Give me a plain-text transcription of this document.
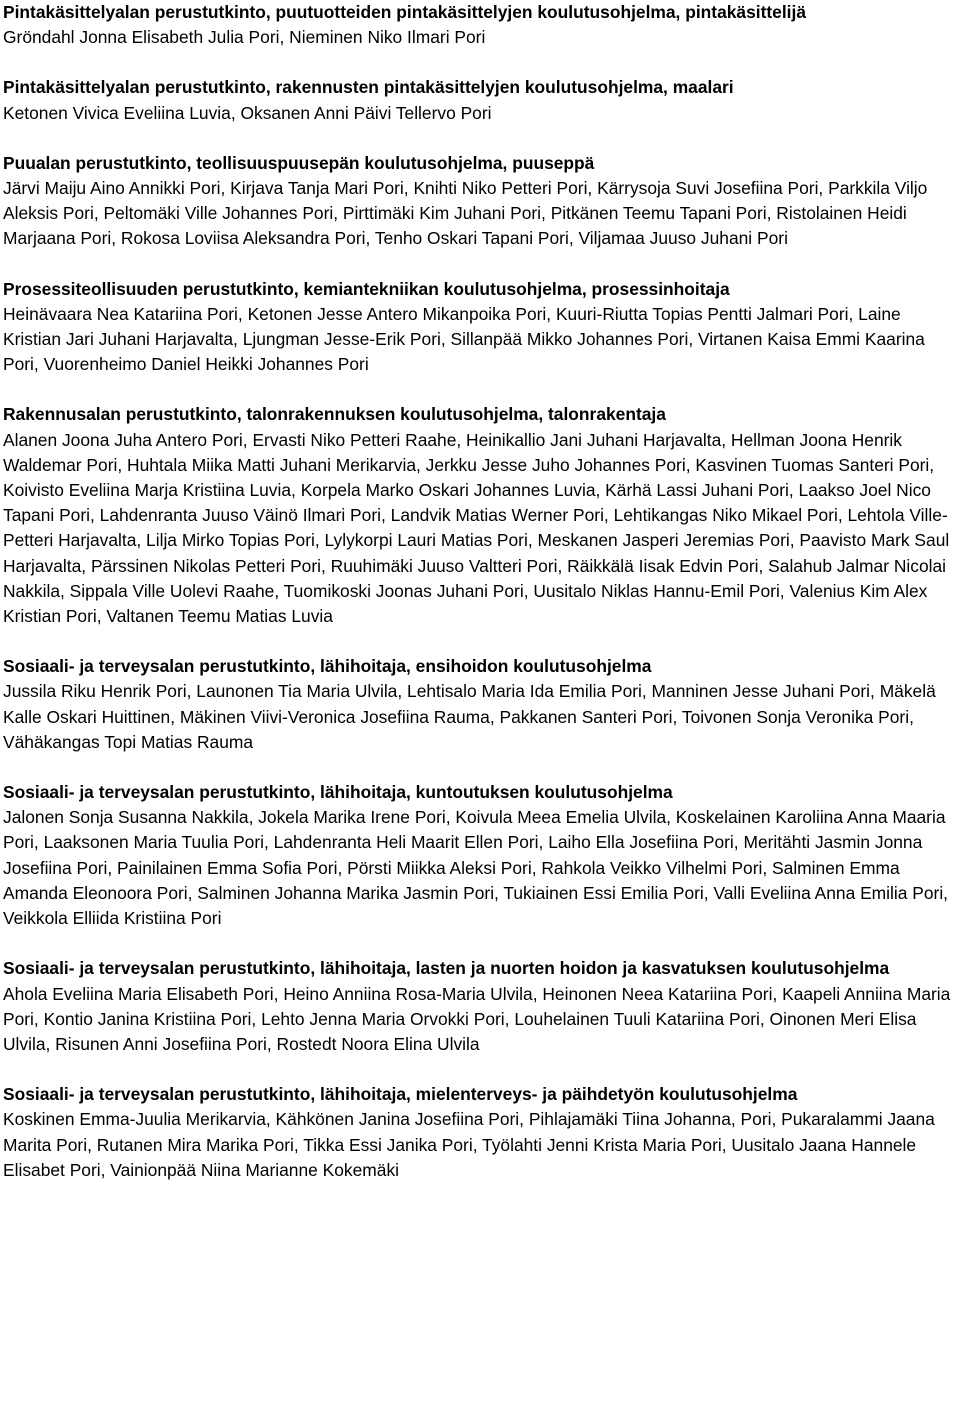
Pintakäsittelyalan perustutkinto, puutuotteiden pintakäsittelyjen koulutusohjelma, pintakäsittelijä
Gröndahl Jonna Elisabeth Julia Pori, Nieminen Niko Ilmari Pori
Pintakäsittelyalan perustutkinto, rakennusten pintakäsittelyjen koulutusohjelma, maalari
Ketonen Vivica Eveliina Luvia, Oksanen Anni Päivi Tellervo Pori
Puualan perustutkinto, teollisuuspuusepän koulutusohjelma, puuseppä
Järvi Maiju Aino Annikki Pori, Kirjava Tanja Mari Pori, Knihti Niko Petteri Pori, Kärrysoja Suvi Josefiina Pori, Parkkila Viljo Aleksis Pori, Peltomäki Ville Johannes Pori, Pirttimäki Kim Juhani Pori, Pitkänen Teemu Tapani Pori, Ristolainen Heidi Marjaana Pori, Rokosa Loviisa Aleksandra Pori, Tenho Oskari Tapani Pori, Viljamaa Juuso Juhani Pori
Prosessiteollisuuden perustutkinto, kemiantekniikan koulutusohjelma, prosessinhoitaja
Heinävaara Nea Katariina Pori, Ketonen Jesse Antero Mikanpoika Pori, Kuuri-Riutta Topias Pentti Jalmari Pori, Laine Kristian Jari Juhani Harjavalta, Ljungman Jesse-Erik Pori, Sillanpää Mikko Johannes Pori, Virtanen Kaisa Emmi Kaarina Pori, Vuorenheimo Daniel Heikki Johannes Pori
Rakennusalan perustutkinto, talonrakennuksen koulutusohjelma, talonrakentaja
Alanen Joona Juha Antero Pori, Ervasti Niko Petteri Raahe, Heinikallio Jani Juhani Harjavalta, Hellman Joona Henrik Waldemar Pori, Huhtala Miika Matti Juhani Merikarvia, Jerkku Jesse Juho Johannes Pori, Kasvinen Tuomas Santeri Pori, Koivisto Eveliina Marja Kristiina Luvia, Korpela Marko Oskari Johannes Luvia, Kärhä Lassi Juhani Pori, Laakso Joel Nico Tapani Pori, Lahdenranta Juuso Väinö Ilmari Pori, Landvik Matias Werner Pori, Lehtikangas Niko Mikael Pori, Lehtola Ville-Petteri Harjavalta, Lilja Mirko Topias Pori, Lylykorpi Lauri Matias Pori, Meskanen Jasperi Jeremias Pori, Paavisto Mark Saul Harjavalta, Pärssinen Nikolas Petteri Pori, Ruuhimäki Juuso Valtteri Pori, Räikkälä Iisak Edvin Pori, Salahub Jalmar Nicolai Nakkila, Sippala Ville Uolevi Raahe, Tuomikoski Joonas Juhani Pori, Uusitalo Niklas Hannu-Emil Pori, Valenius Kim Alex Kristian Pori, Valtanen Teemu Matias Luvia
Sosiaali- ja terveysalan perustutkinto, lähihoitaja, ensihoidon koulutusohjelma
Jussila Riku Henrik Pori, Launonen Tia Maria Ulvila, Lehtisalo Maria Ida Emilia Pori, Manninen Jesse Juhani Pori, Mäkelä Kalle Oskari Huittinen, Mäkinen Viivi-Veronica Josefiina Rauma, Pakkanen Santeri Pori, Toivonen Sonja Veronika Pori, Vähäkangas Topi Matias Rauma
Sosiaali- ja terveysalan perustutkinto, lähihoitaja, kuntoutuksen koulutusohjelma
Jalonen Sonja Susanna Nakkila, Jokela Marika Irene Pori, Koivula Meea Emelia Ulvila, Koskelainen Karoliina Anna Maaria Pori, Laaksonen Maria Tuulia Pori, Lahdenranta Heli Maarit Ellen Pori, Laiho Ella Josefiina Pori, Meritähti Jasmin Jonna Josefiina Pori, Painilainen Emma Sofia Pori, Pörsti Miikka Aleksi Pori, Rahkola Veikko Vilhelmi Pori, Salminen Emma Amanda Eleonoora Pori, Salminen Johanna Marika Jasmin Pori, Tukiainen Essi Emilia Pori, Valli Eveliina Anna Emilia Pori, Veikkola Elliida Kristiina Pori
Sosiaali- ja terveysalan perustutkinto, lähihoitaja, lasten ja nuorten hoidon ja kasvatuksen koulutusohjelma
Ahola Eveliina Maria Elisabeth Pori, Heino Anniina Rosa-Maria Ulvila, Heinonen Neea Katariina Pori, Kaapeli Anniina Maria Pori, Kontio Janina Kristiina Pori, Lehto Jenna Maria Orvokki Pori, Louhelainen Tuuli Katariina Pori, Oinonen Meri Elisa Ulvila, Risunen Anni Josefiina Pori, Rostedt Noora Elina Ulvila
Sosiaali- ja terveysalan perustutkinto, lähihoitaja, mielenterveys- ja päihdetyön koulutusohjelma
Koskinen Emma-Juulia Merikarvia, Kähkönen Janina Josefiina Pori, Pihlajamäki Tiina Johanna, Pori, Pukaralammi Jaana Marita Pori, Rutanen Mira Marika Pori, Tikka Essi Janika Pori, Työlahti Jenni Krista Maria Pori, Uusitalo Jaana Hannele Elisabet Pori, Vainionpää Niina Marianne Kokemäki
